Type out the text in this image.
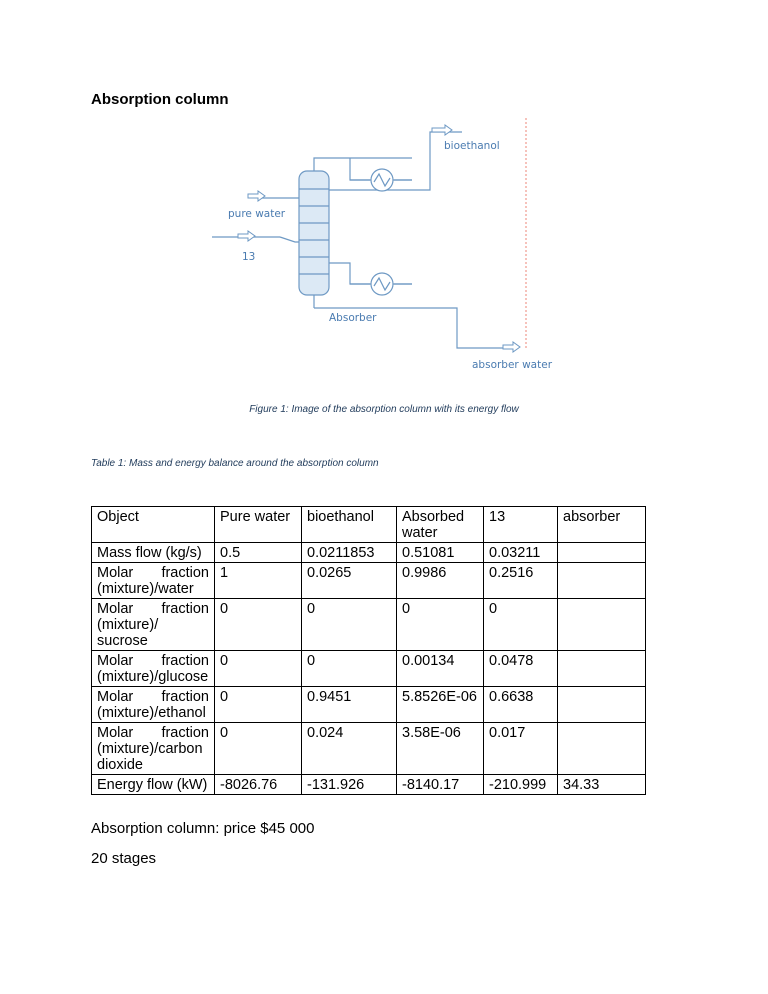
Absorption column
bioethanol
pure water
13
Absorber
absorber water
Figure 1: Image of the absorption column with its energy flow
Table 1: Mass and energy balance around the absorption column
Object	Pure water	bioethanol	Absorbed water	13	absorber
Mass flow (kg/s)	0.5	0.0211853	0.51081	0.03211	
Molar fraction (mixture)/water	1	0.0265	0.9986	0.2516	
Molar fraction (mixture)/ sucrose	0	0	0	0	
Molar fraction (mixture)/glucose	0	0	0.00134	0.0478	
Molar fraction (mixture)/ethanol	0	0.9451	5.8526E-06	0.6638	
Molar fraction (mixture)/carbon dioxide	0	0.024	3.58E-06	0.017	
Energy flow (kW)	-8026.76	-131.926	-8140.17	-210.999	34.33
Absorption column: price $45 000
20 stages
